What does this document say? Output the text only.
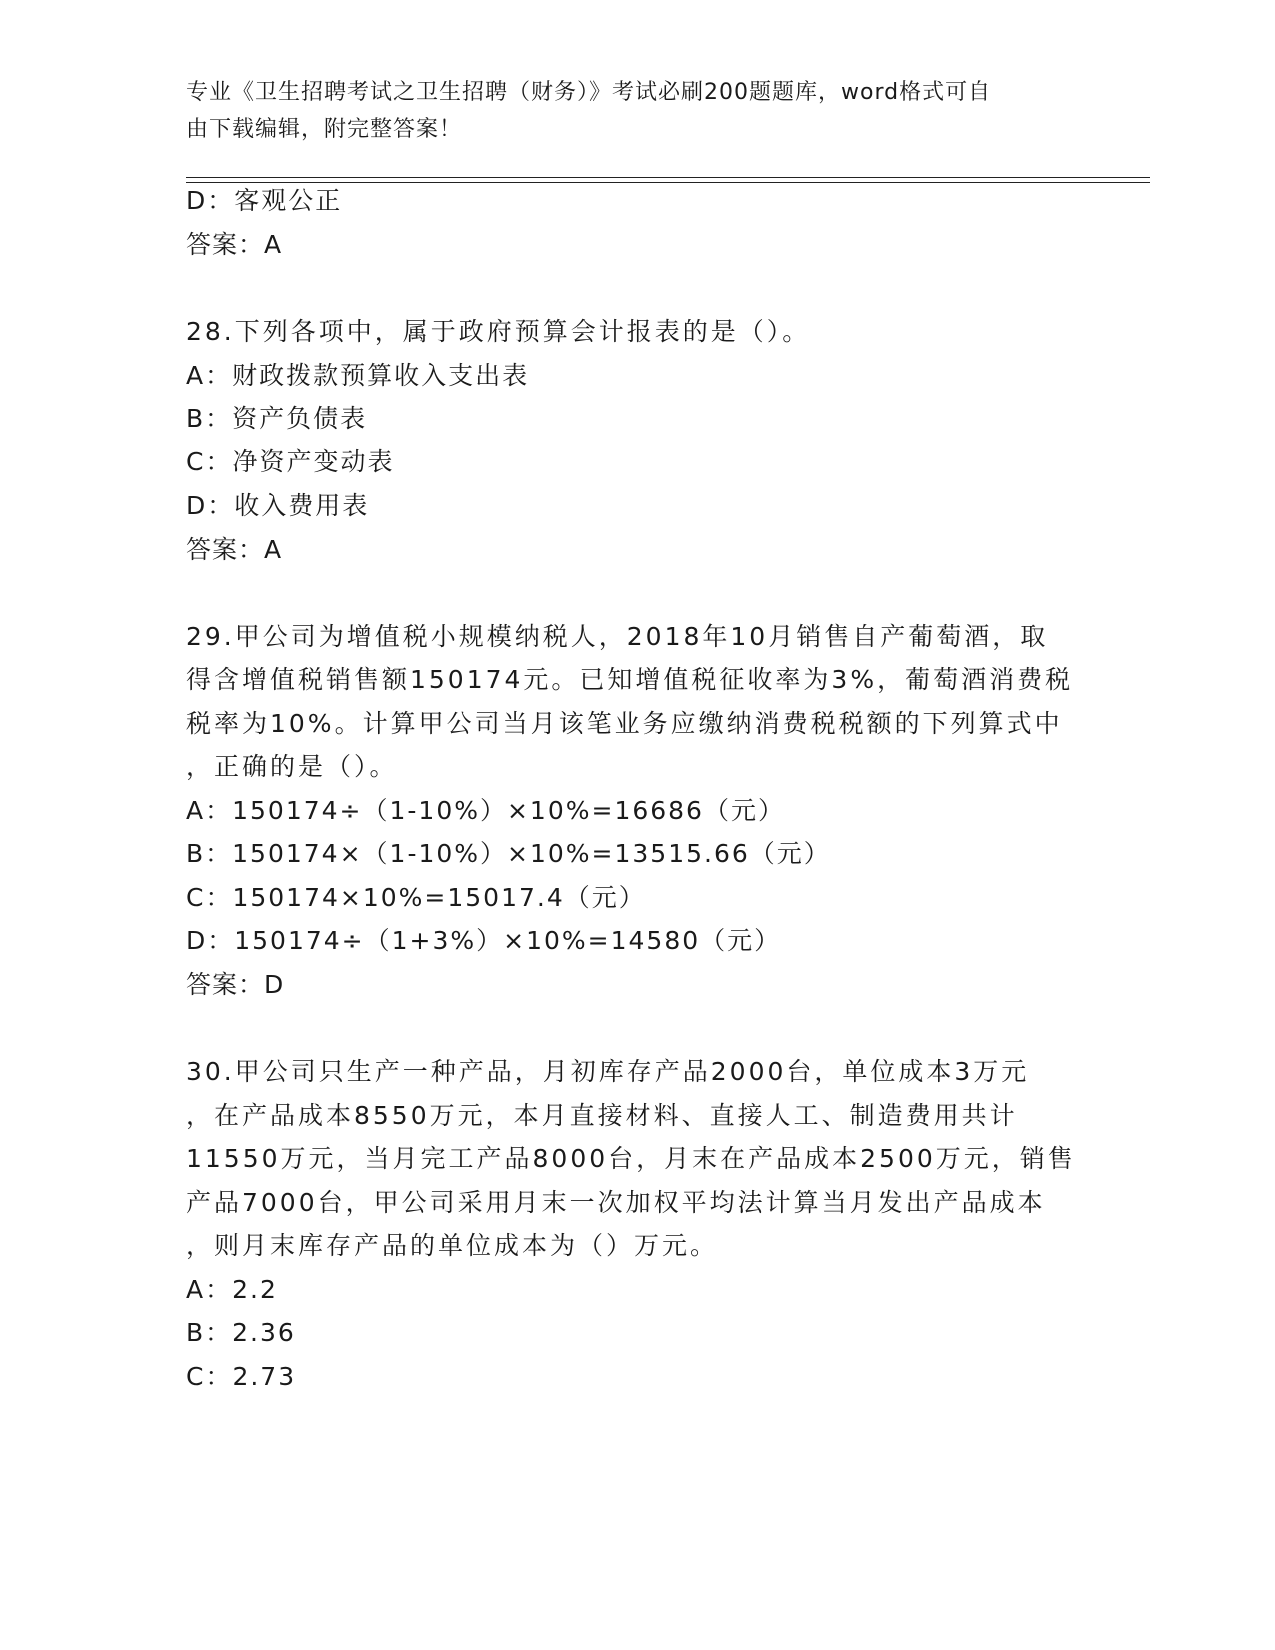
专业《卫生招聘考试之卫生招聘（财务）》考试必刷200题题库，word格式可自
由下载编辑，附完整答案！
D：客观公正
答案：A
28.下列各项中，属于政府预算会计报表的是（）。
A：财政拨款预算收入支出表
B：资产负债表
C：净资产变动表
D：收入费用表
答案：A
29.甲公司为增值税小规模纳税人，2018年10月销售自产葡萄酒，取
得含增值税销售额150174元。已知增值税征收率为3%，葡萄酒消费税
税率为10%。计算甲公司当月该笔业务应缴纳消费税税额的下列算式中
，正确的是（）。
A：150174÷（1-10%）×10%=16686（元）
B：150174×（1-10%）×10%=13515.66（元）
C：150174×10%=15017.4（元）
D：150174÷（1+3%）×10%=14580（元）
答案：D
30.甲公司只生产一种产品，月初库存产品2000台，单位成本3万元
，在产品成本8550万元，本月直接材料、直接人工、制造费用共计
11550万元，当月完工产品8000台，月末在产品成本2500万元，销售
产品7000台，甲公司采用月末一次加权平均法计算当月发出产品成本
，则月末库存产品的单位成本为（）万元。
A：2.2
B：2.36
C：2.73
